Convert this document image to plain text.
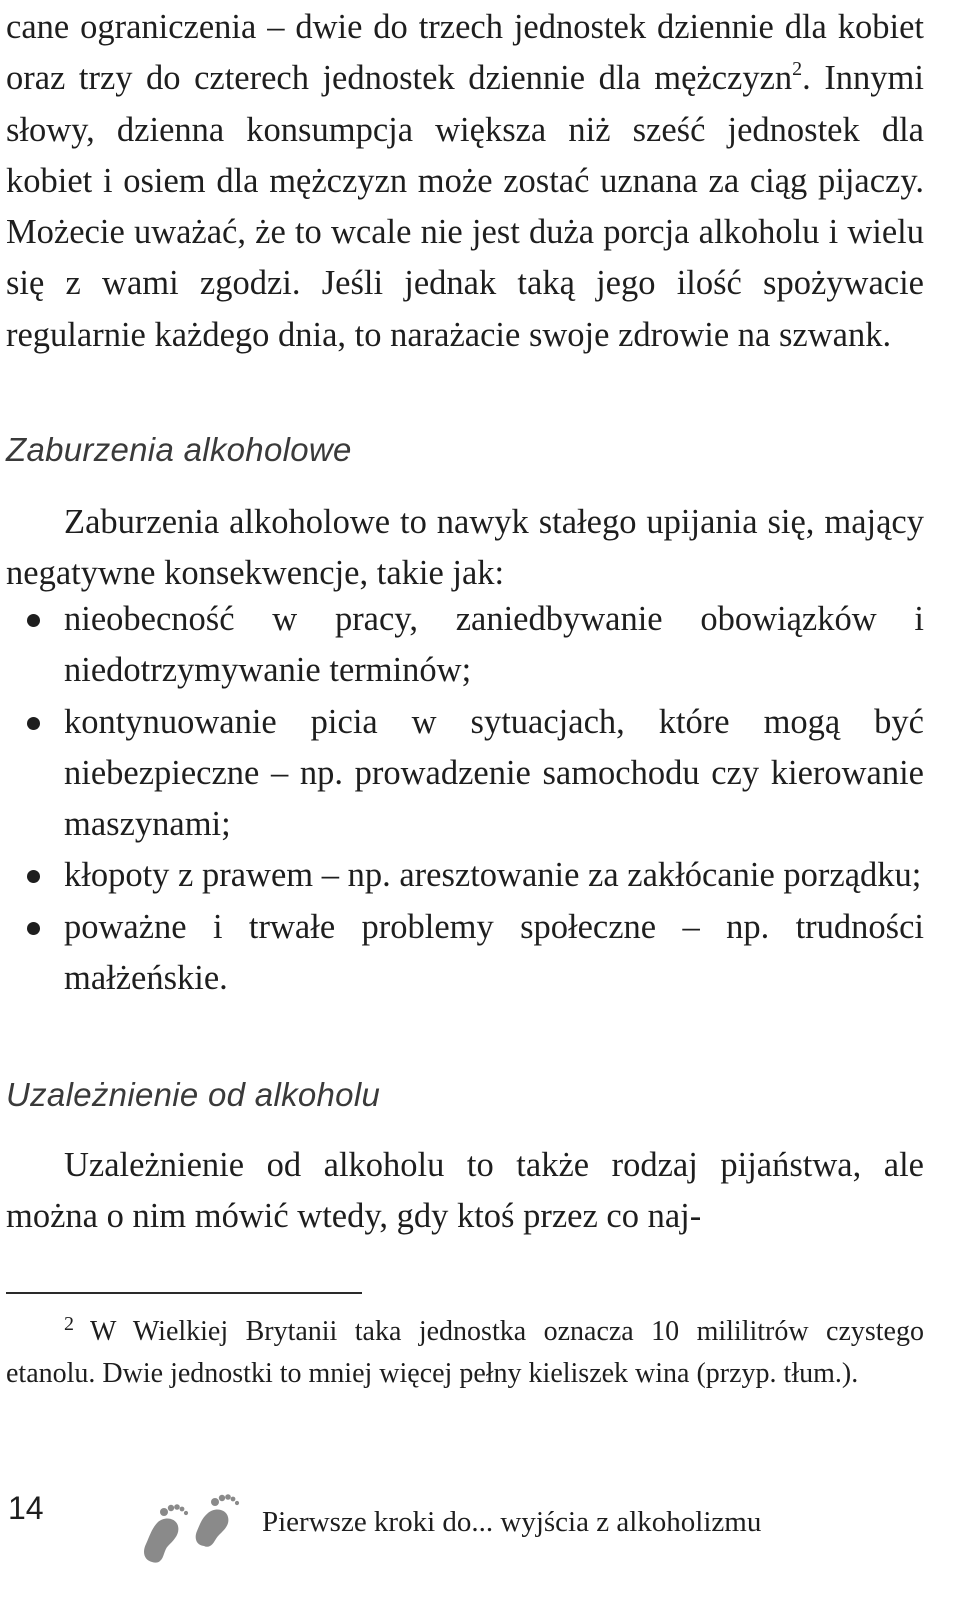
cane ograniczenia – dwie do trzech jednostek dziennie dla kobiet oraz trzy do czterech jednostek dziennie dla mężczyzn$^2$. Innymi słowy, dzienna konsumpcja większa niż sześć jednostek dla kobiet i osiem dla mężczyzn może zostać uznana za ciąg pijaczy. Możecie uważać, że to wcale nie jest duża porcja alkoholu i wielu się z wami zgodzi. Jeśli jednak taką jego ilość spożywacie regularnie każdego dnia, to narażacie swoje zdrowie na szwank.

Zaburzenia alkoholowe

Zaburzenia alkoholowe to nawyk stałego upijania się, mający negatywne konsekwencje, takie jak:

nieobecność w pracy, zaniedbywanie obowiązków i niedotrzymywanie terminów;
kontynuowanie picia w sytuacjach, które mogą być niebezpieczne – np. prowadzenie samochodu czy kierowanie maszynami;
kłopoty z prawem – np. aresztowanie za zakłócanie porządku;
poważne i trwałe problemy społeczne – np. trudności małżeńskie.
Uzależnienie od alkoholu

Uzależnienie od alkoholu to także rodzaj pijaństwa, ale można o nim mówić wtedy, gdy ktoś przez co naj-

2 W Wielkiej Brytanii taka jednostka oznacza 10 mililitrów czystego etanolu. Dwie jednostki to mniej więcej pełny kieliszek wina (przyp. tłum.).

14	Pierwsze kroki do... wyjścia z alkoholizmu
